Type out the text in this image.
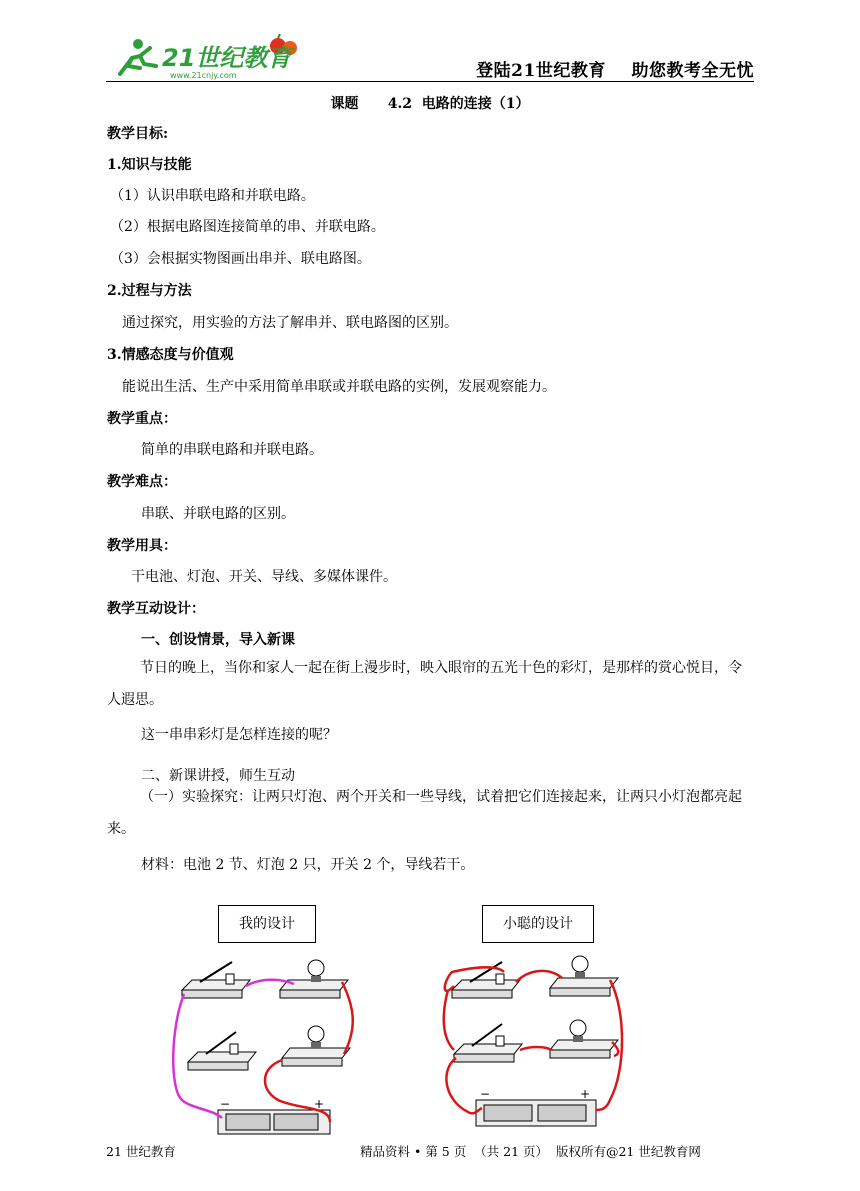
21世纪教育
www.21cnjy.com	登陆21世纪教育    助您教考全无忧
课题      4.2  电路的连接（1）
教学目标:
1.知识与技能
（1）认识串联电路和并联电路。
（2）根据电路图连接简单的串、并联电路。
（3）会根据实物图画出串并、联电路图。
2.过程与方法
通过探究，用实验的方法了解串并、联电路图的区别。
3.情感态度与价值观
能说出生活、生产中采用简单串联或并联电路的实例，发展观察能力。
教学重点：
简单的串联电路和并联电路。
教学难点：
串联、并联电路的区别。
教学用具：
干电池、灯泡、开关、导线、多媒体课件。
教学互动设计：
一、创设情景，导入新课
节日的晚上，当你和家人一起在街上漫步时，映入眼帘的五光十色的彩灯，是那样的赏心悦目，令人遐思。
这一串串彩灯是怎样连接的呢？
二、新课讲授，师生互动
（一）实验探究：让两只灯泡、两个开关和一些导线，试着把它们连接起来，让两只小灯泡都亮起来。
材料：电池 2 节、灯泡 2 只，开关 2 个，导线若干。
我的设计	小聪的设计
−	+
−	+
21 世纪教育	精品资料 • 第 5 页  （共 21 页）  版权所有@21 世纪教育网
